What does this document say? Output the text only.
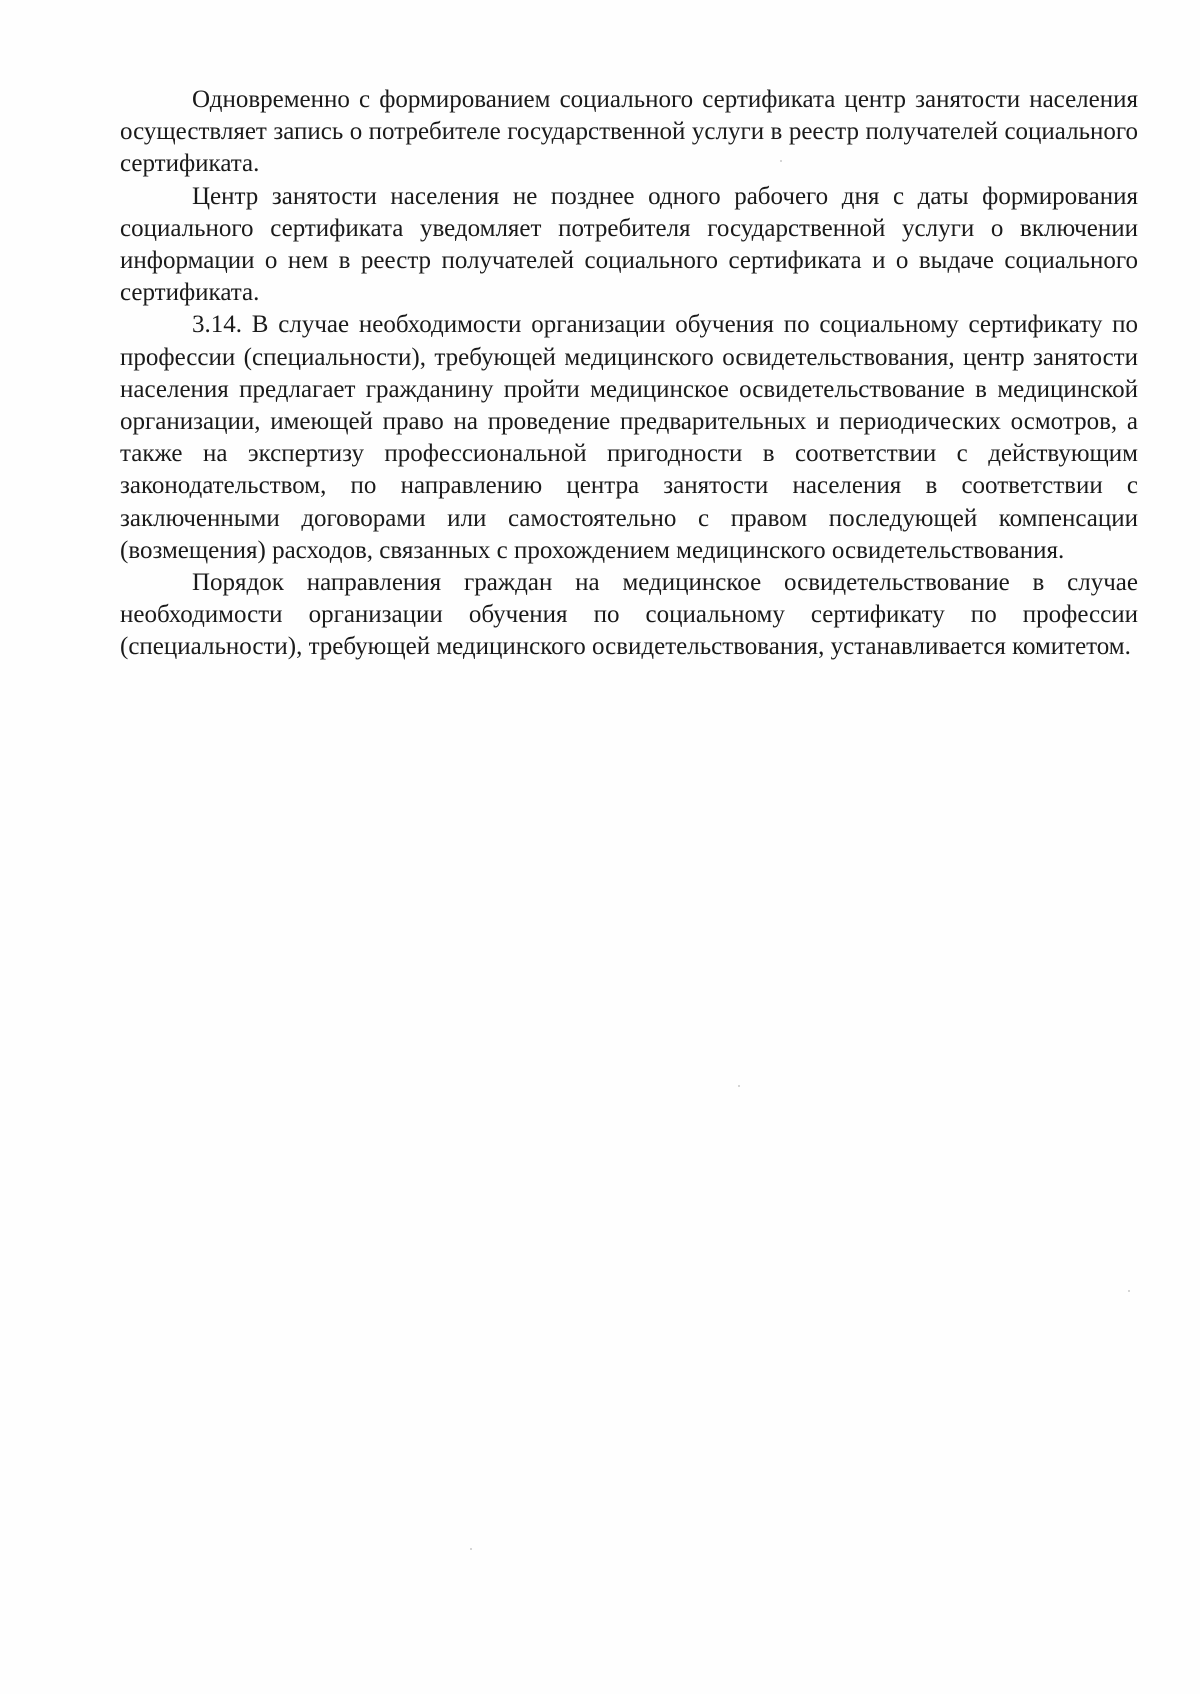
Одновременно с формированием социального сертификата центр занятости населения осуществляет запись о потребителе государственной услуги в реестр получателей социального сертификата.

Центр занятости населения не позднее одного рабочего дня с даты формирования социального сертификата уведомляет потребителя государственной услуги о включении информации о нем в реестр получателей социального сертификата и о выдаче социального сертификата.

3.14. В случае необходимости организации обучения по социальному сертификату по профессии (специальности), требующей медицинского освидетельствования, центр занятости населения предлагает гражданину пройти медицинское освидетельствование в медицинской организации, имеющей право на проведение предварительных и периодических осмотров, а также на экспертизу профессиональной пригодности в соответствии с действующим законодательством, по направлению центра занятости населения в соответствии с заключенными договорами или самостоятельно с правом последующей компенсации (возмещения) расходов, связанных с прохождением медицинского освидетельствования.

Порядок направления граждан на медицинское освидетельствование в случае необходимости организации обучения по социальному сертификату по профессии (специальности), требующей медицинского освидетельствования, устанавливается комитетом.
